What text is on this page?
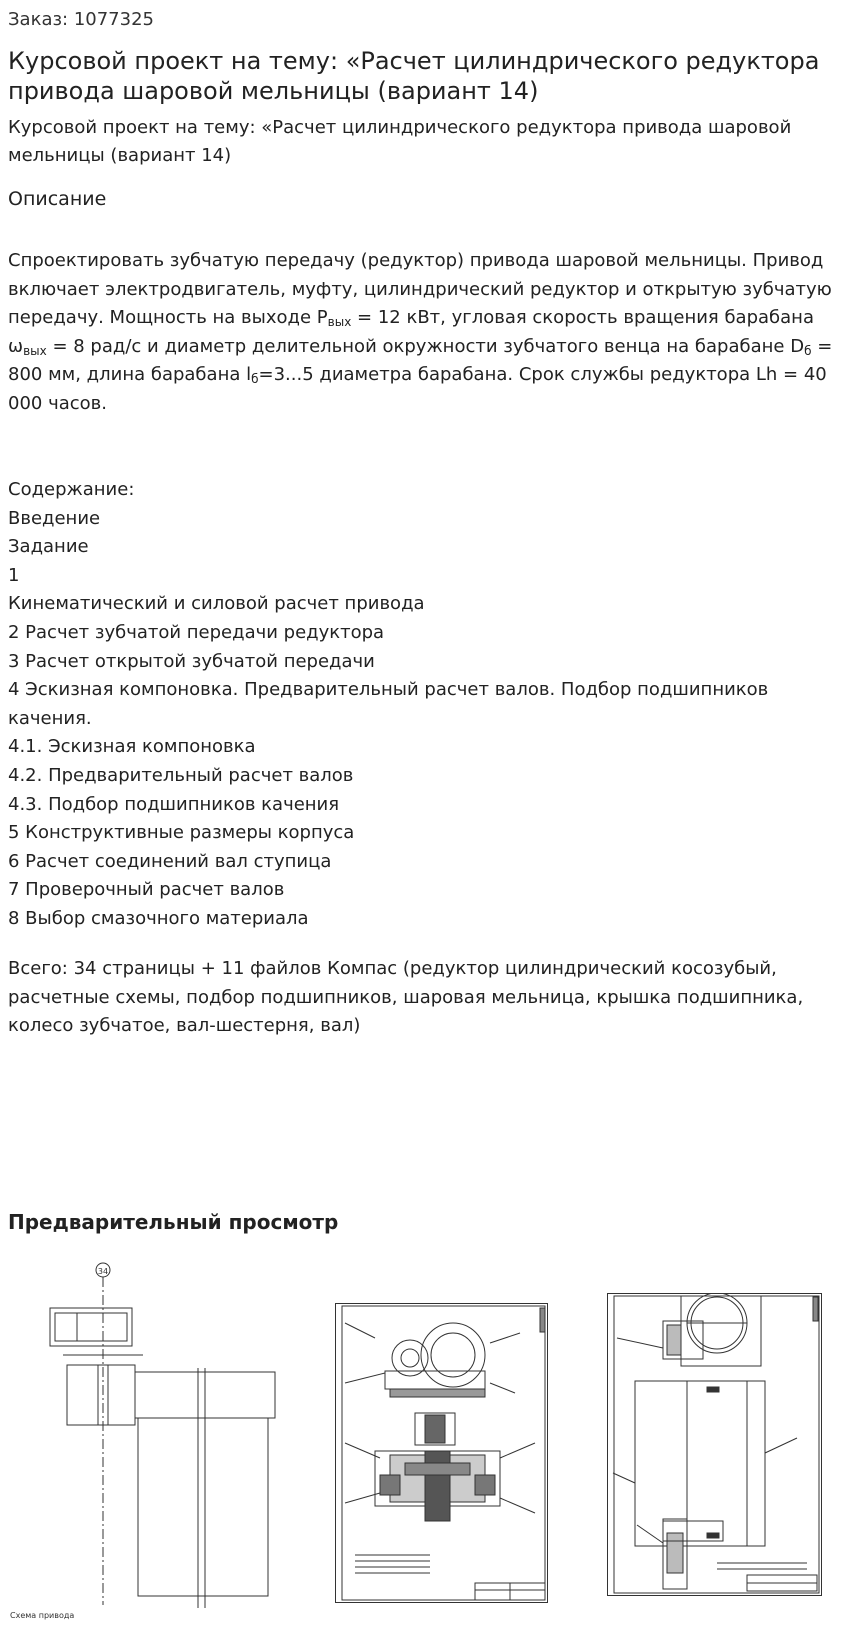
Заказ: 1077325
Курсовой проект на тему: «Расчет цилиндрического редуктора привода шаровой мельницы (вариант 14)
Курсовой проект на тему: «Расчет цилиндрического редуктора привода шаровой мельницы (вариант 14)
Описание
Спроектировать зубчатую передачу (редуктор) привода шаровой мельницы. Привод включает электродвигатель, муфту, цилиндрический редуктор и открытую зубчатую передачу. Мощность на выходе $P_{вых} = 12$ кВт, угловая скорость вращения барабана $\omega_{вых} = 8$ рад/с и диаметр делительной окружности зубчатого венца на барабане $D_б = 800$ мм, длина барабана $l_б=3...5$ диаметра барабана. Срок службы редуктора Lh = 40 000 часов.
Содержание:
Введение
Задание
1
Кинематический и силовой расчет привода
2 Расчет зубчатой передачи редуктора
3 Расчет открытой зубчатой передачи
4 Эскизная компоновка. Предварительный расчет валов. Подбор подшипников качения.
4.1. Эскизная компоновка
4.2. Предварительный расчет валов
4.3. Подбор подшипников качения
5 Конструктивные размеры корпуса
6 Расчет соединений вал ступица
7 Проверочный расчет валов
8 Выбор смазочного материала
Всего: 34 страницы + 11 файлов Компас (редуктор цилиндрический косозубый, расчетные схемы, подбор подшипников, шаровая мельница, крышка подшипника, колесо зубчатое, вал-шестерня, вал)
Предварительный просмотр
34
Схема привода
